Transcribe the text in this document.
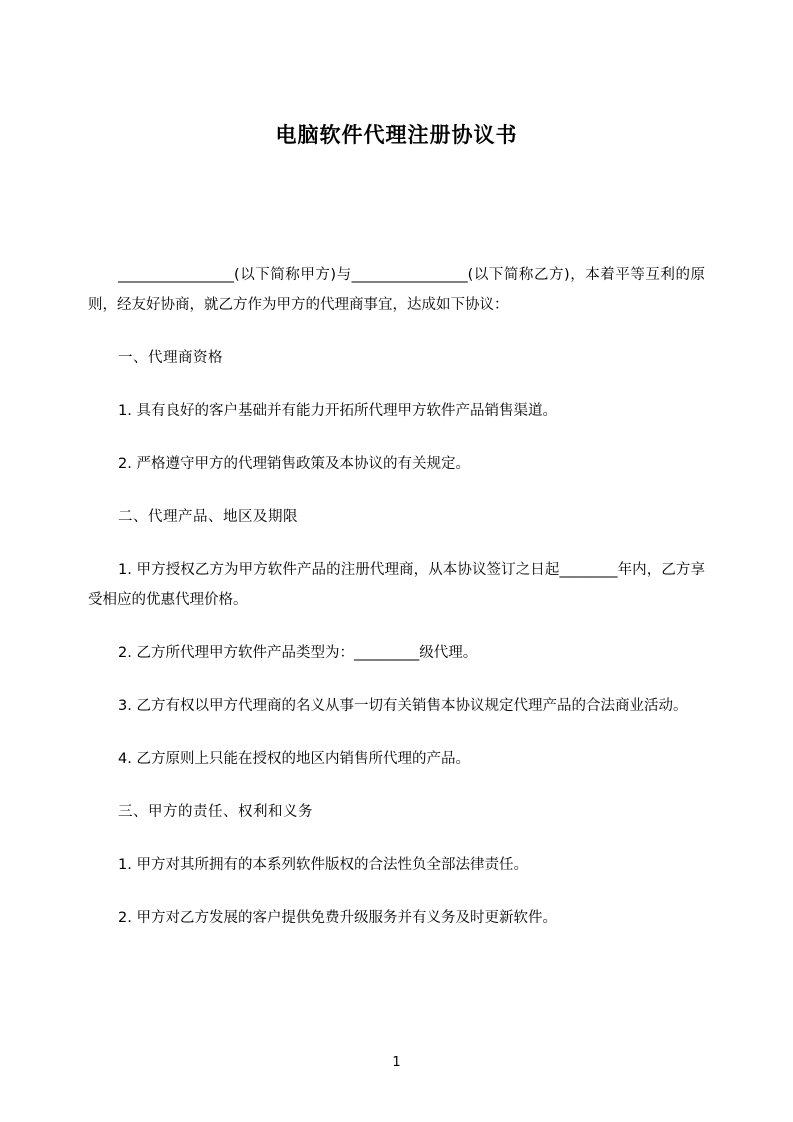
电脑软件代理注册协议书

________________(以下简称甲方)与________________(以下简称乙方)，本着平等互利的原则，经友好协商，就乙方作为甲方的代理商事宜，达成如下协议：

一、代理商资格

1. 具有良好的客户基础并有能力开拓所代理甲方软件产品销售渠道。

2. 严格遵守甲方的代理销售政策及本协议的有关规定。

二、代理产品、地区及期限

1. 甲方授权乙方为甲方软件产品的注册代理商，从本协议签订之日起________年内，乙方享受相应的优惠代理价格。

2. 乙方所代理甲方软件产品类型为：_________级代理。

3. 乙方有权以甲方代理商的名义从事一切有关销售本协议规定代理产品的合法商业活动。

4. 乙方原则上只能在授权的地区内销售所代理的产品。

三、甲方的责任、权利和义务

1. 甲方对其所拥有的本系列软件版权的合法性负全部法律责任。

2. 甲方对乙方发展的客户提供免费升级服务并有义务及时更新软件。

1
